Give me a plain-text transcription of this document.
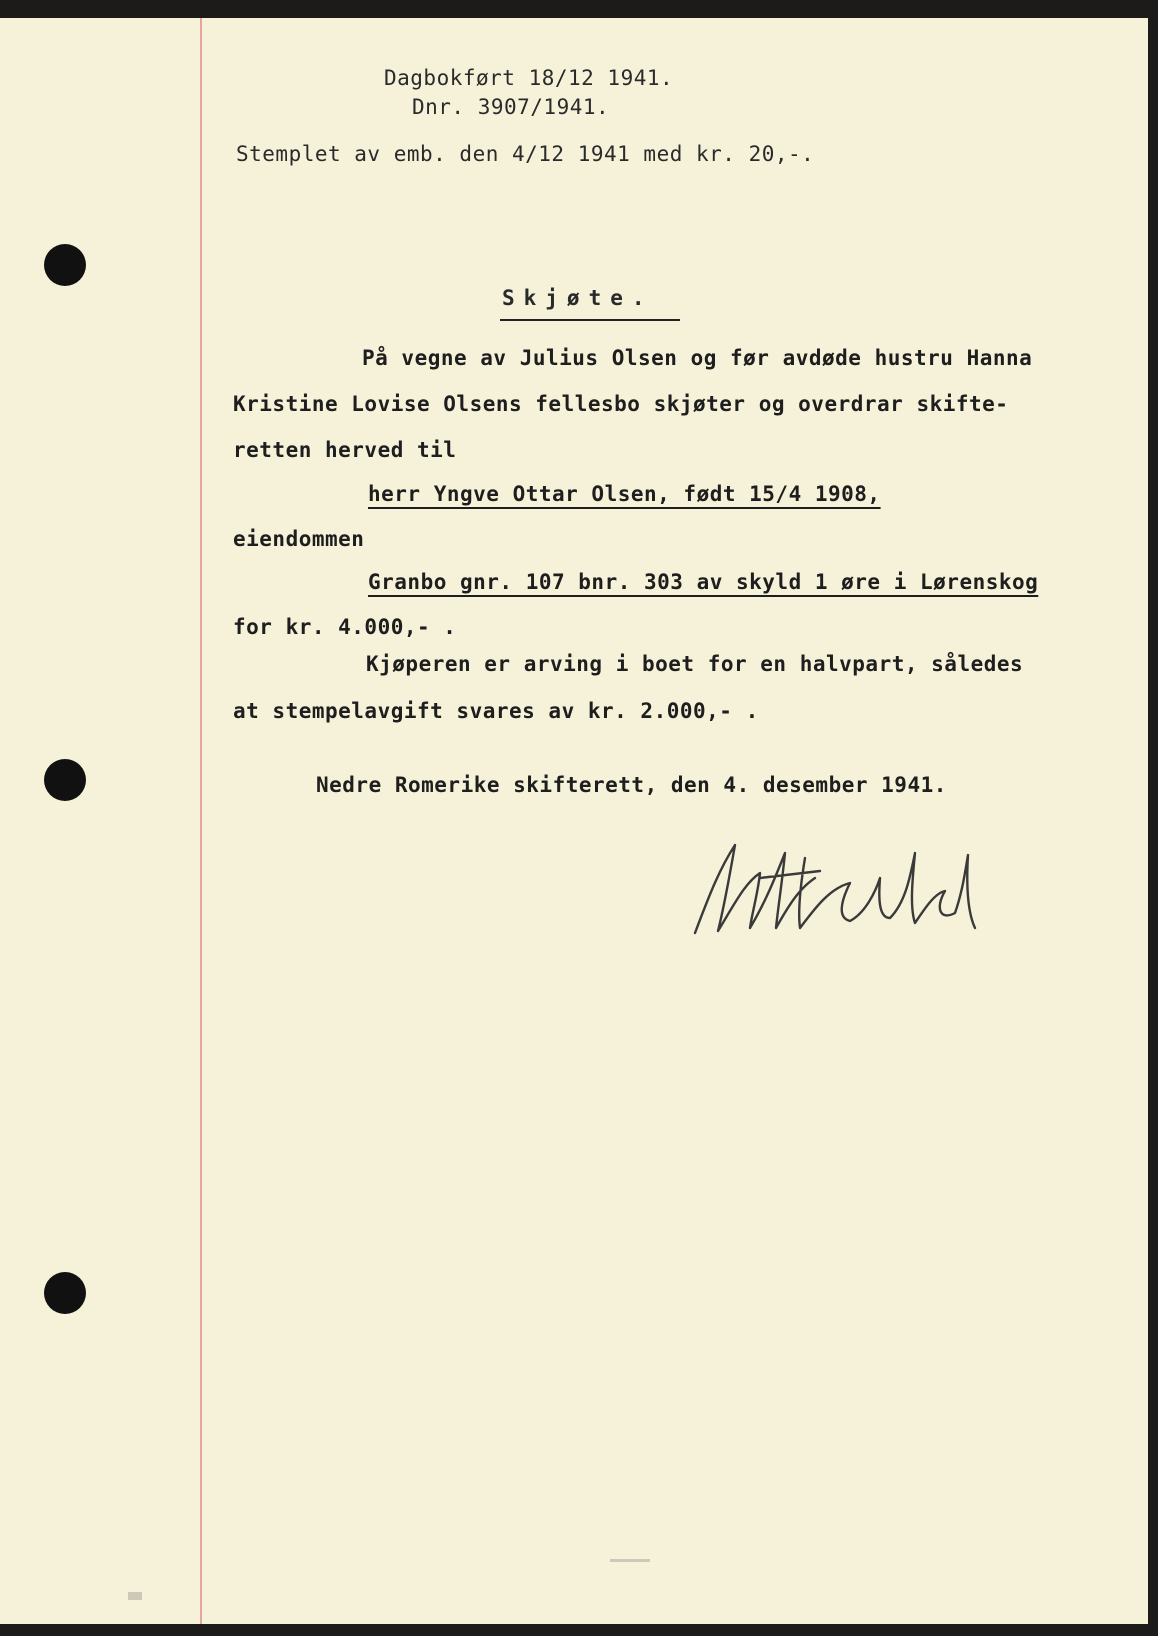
Dagbokført 18/12 1941.

Dnr. 3907/1941.

Stemplet av emb. den 4/12 1941 med kr. 20,-.

Skjøte.

På vegne av Julius Olsen og før avdøde hustru Hanna

Kristine Lovise Olsens fellesbo skjøter og overdrar skifte-

retten herved til

herr Yngve Ottar Olsen, født 15/4 1908,

eiendommen

Granbo gnr. 107 bnr. 303 av skyld 1 øre i Lørenskog

for kr. 4.000,- .

Kjøperen er arving i boet for en halvpart, således

at stempelavgift svares av kr. 2.000,- .

Nedre Romerike skifterett, den 4. desember 1941.
